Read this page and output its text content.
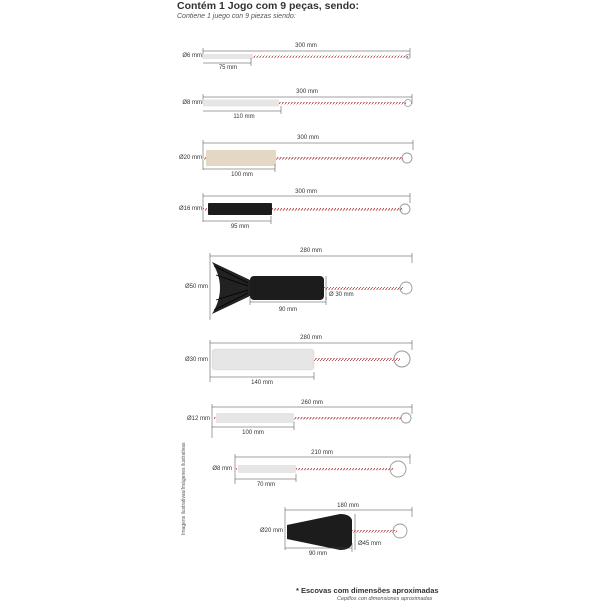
Contém 1 Jogo com 9 peças, sendo:
Contiene 1 juego con 9 piezas siendo:
300 mm
Ø6 mm
75 mm
300 mm
Ø8 mm
110 mm
300 mm
Ø20 mm
100 mm
300 mm
Ø16 mm
95 mm
280 mm
Ø50 mm
Ø 30 mm
90 mm
280 mm
Ø30 mm
140 mm
260 mm
Ø12 mm
100 mm
210 mm
Ø8 mm
70 mm
180 mm
Ø20 mm
Ø45 mm
90 mm
Imagens ilustrativas/Imágenes ilustrativas
* Escovas com dimensões aproximadas
Cepillos con dimensiones aproximadas
